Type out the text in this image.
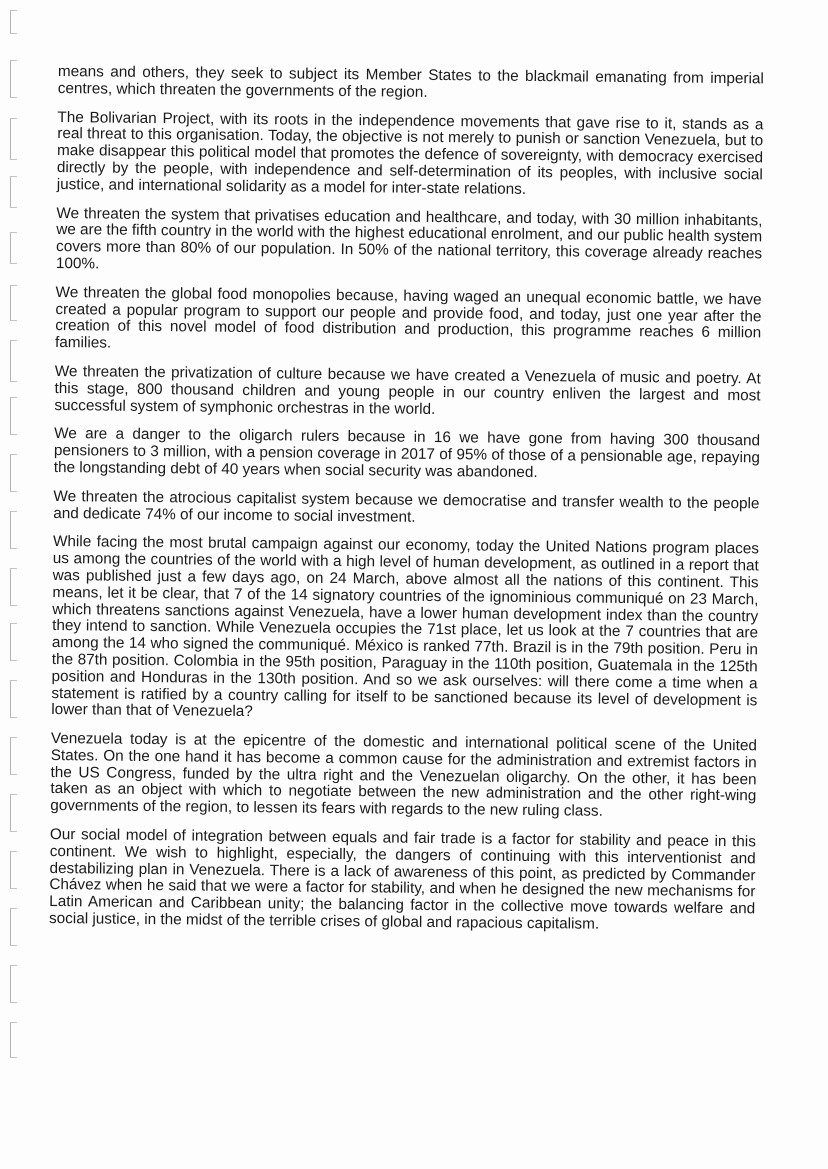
means and others, they seek to subject its Member States to the blackmail emanating from imperial centres, which threaten the governments of the region.

The Bolivarian Project, with its roots in the independence movements that gave rise to it, stands as a real threat to this organisation. Today, the objective is not merely to punish or sanction Venezuela, but to make disappear this political model that promotes the defence of sovereignty, with democracy exercised directly by the people, with independence and self-determination of its peoples, with inclusive social justice, and international solidarity as a model for inter-state relations.

We threaten the system that privatises education and healthcare, and today, with 30 million inhabitants, we are the fifth country in the world with the highest educational enrolment, and our public health system covers more than 80% of our population. In 50% of the national territory, this coverage already reaches 100%.

We threaten the global food monopolies because, having waged an unequal economic battle, we have created a popular program to support our people and provide food, and today, just one year after the creation of this novel model of food distribution and production, this programme reaches 6 million families.

We threaten the privatization of culture because we have created a Venezuela of music and poetry. At this stage, 800 thousand children and young people in our country enliven the largest and most successful system of symphonic orchestras in the world.

We are a danger to the oligarch rulers because in 16 we have gone from having 300 thousand pensioners to 3 million, with a pension coverage in 2017 of 95% of those of a pensionable age, repaying the longstanding debt of 40 years when social security was abandoned.

We threaten the atrocious capitalist system because we democratise and transfer wealth to the people and dedicate 74% of our income to social investment.

While facing the most brutal campaign against our economy, today the United Nations program places us among the countries of the world with a high level of human development, as outlined in a report that was published just a few days ago, on 24 March, above almost all the nations of this continent. This means, let it be clear, that 7 of the 14 signatory countries of the ignominious communiqué on 23 March, which threatens sanctions against Venezuela, have a lower human development index than the country they intend to sanction. While Venezuela occupies the 71st place, let us look at the 7 countries that are among the 14 who signed the communiqué. México is ranked 77th. Brazil is in the 79th position. Peru in the 87th position. Colombia in the 95th position, Paraguay in the 110th position, Guatemala in the 125th position and Honduras in the 130th position. And so we ask ourselves: will there come a time when a statement is ratified by a country calling for itself to be sanctioned because its level of development is lower than that of Venezuela?

Venezuela today is at the epicentre of the domestic and international political scene of the United States. On the one hand it has become a common cause for the administration and extremist factors in the US Congress, funded by the ultra right and the Venezuelan oligarchy. On the other, it has been taken as an object with which to negotiate between the new administration and the other right-wing governments of the region, to lessen its fears with regards to the new ruling class.

Our social model of integration between equals and fair trade is a factor for stability and peace in this continent. We wish to highlight, especially, the dangers of continuing with this interventionist and destabilizing plan in Venezuela. There is a lack of awareness of this point, as predicted by Commander Chávez when he said that we were a factor for stability, and when he designed the new mechanisms for Latin American and Caribbean unity; the balancing factor in the collective move towards welfare and social justice, in the midst of the terrible crises of global and rapacious capitalism.
